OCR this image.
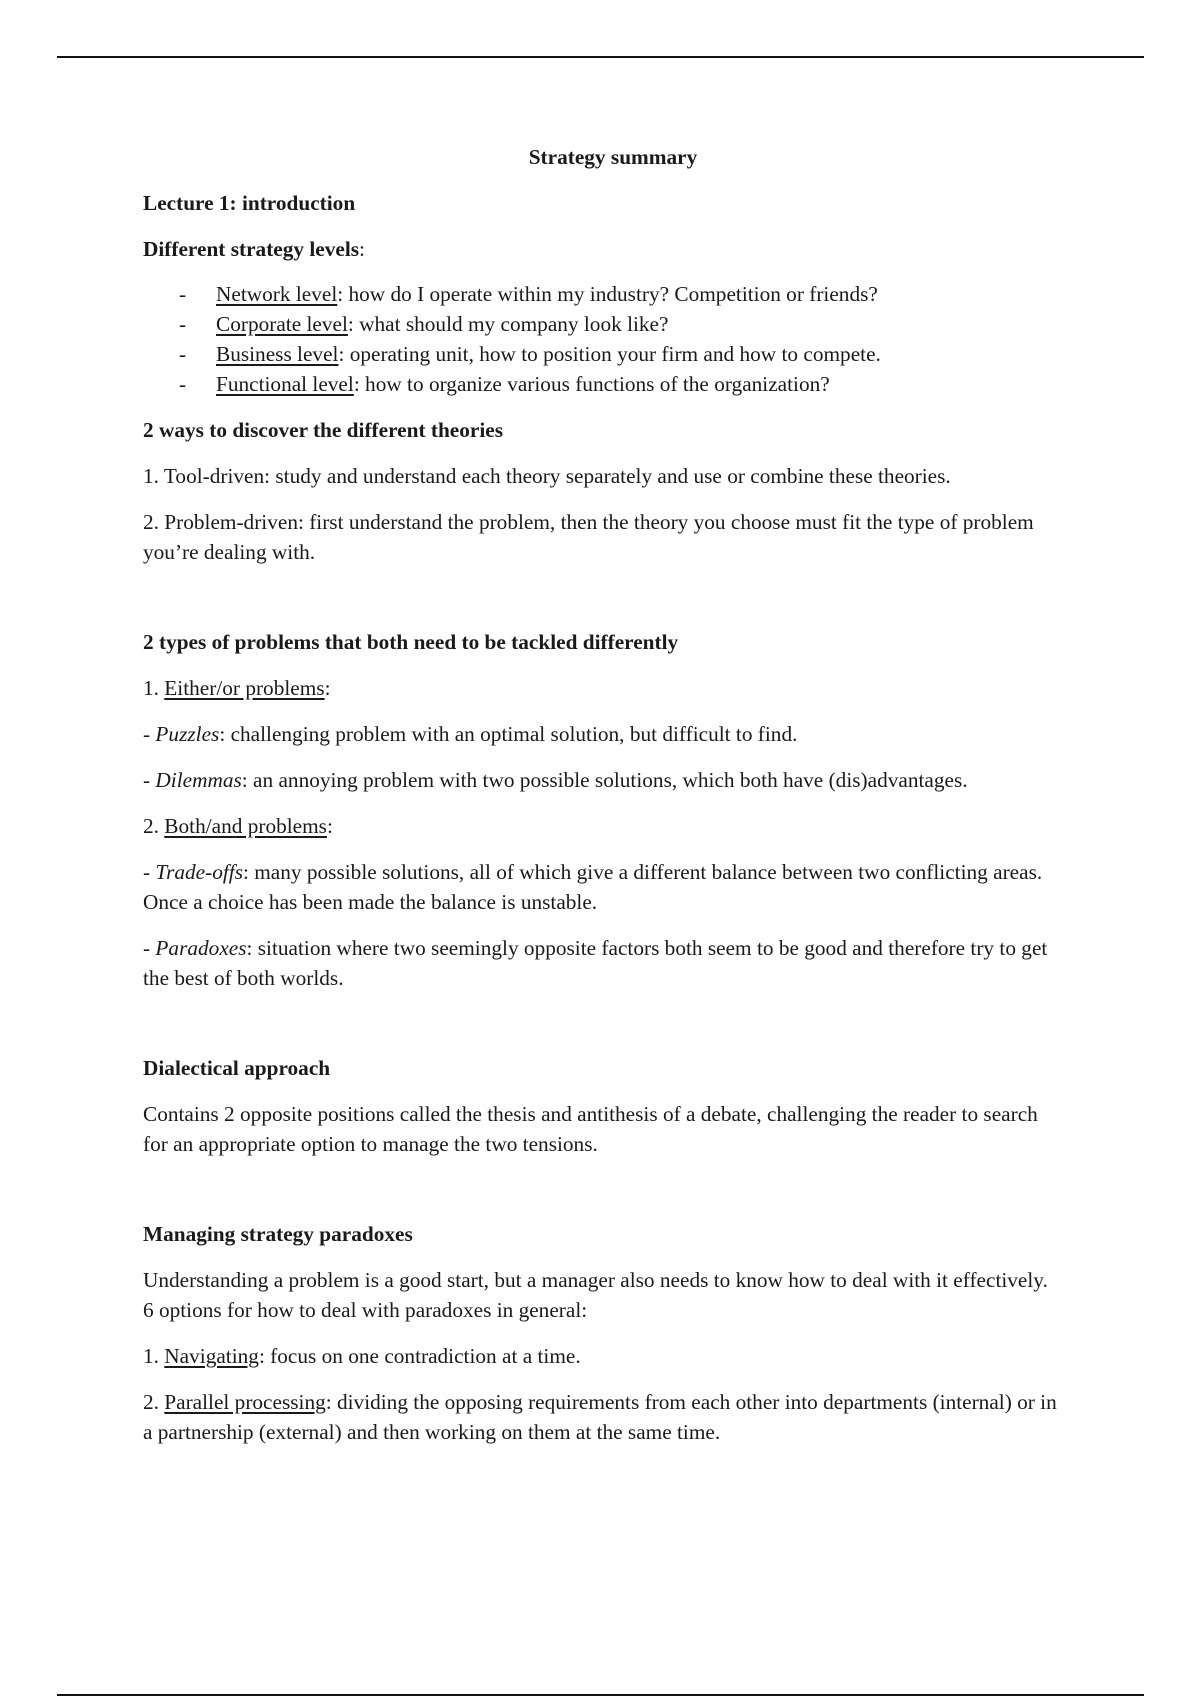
Strategy summary
Lecture 1: introduction
Different strategy levels:
- Network level: how do I operate within my industry? Competition or friends?
- Corporate level: what should my company look like?
- Business level: operating unit, how to position your firm and how to compete.
- Functional level: how to organize various functions of the organization?
2 ways to discover the different theories
1. Tool-driven: study and understand each theory separately and use or combine these theories.
2. Problem-driven: first understand the problem, then the theory you choose must fit the type of problem you’re dealing with.
2 types of problems that both need to be tackled differently
1. Either/or problems:
- Puzzles: challenging problem with an optimal solution, but difficult to find.
- Dilemmas: an annoying problem with two possible solutions, which both have (dis)advantages.
2. Both/and problems:
- Trade-offs: many possible solutions, all of which give a different balance between two conflicting areas. Once a choice has been made the balance is unstable.
- Paradoxes: situation where two seemingly opposite factors both seem to be good and therefore try to get the best of both worlds.
Dialectical approach
Contains 2 opposite positions called the thesis and antithesis of a debate, challenging the reader to search for an appropriate option to manage the two tensions.
Managing strategy paradoxes
Understanding a problem is a good start, but a manager also needs to know how to deal with it effectively. 6 options for how to deal with paradoxes in general:
1. Navigating: focus on one contradiction at a time.
2. Parallel processing: dividing the opposing requirements from each other into departments (internal) or in a partnership (external) and then working on them at the same time.
